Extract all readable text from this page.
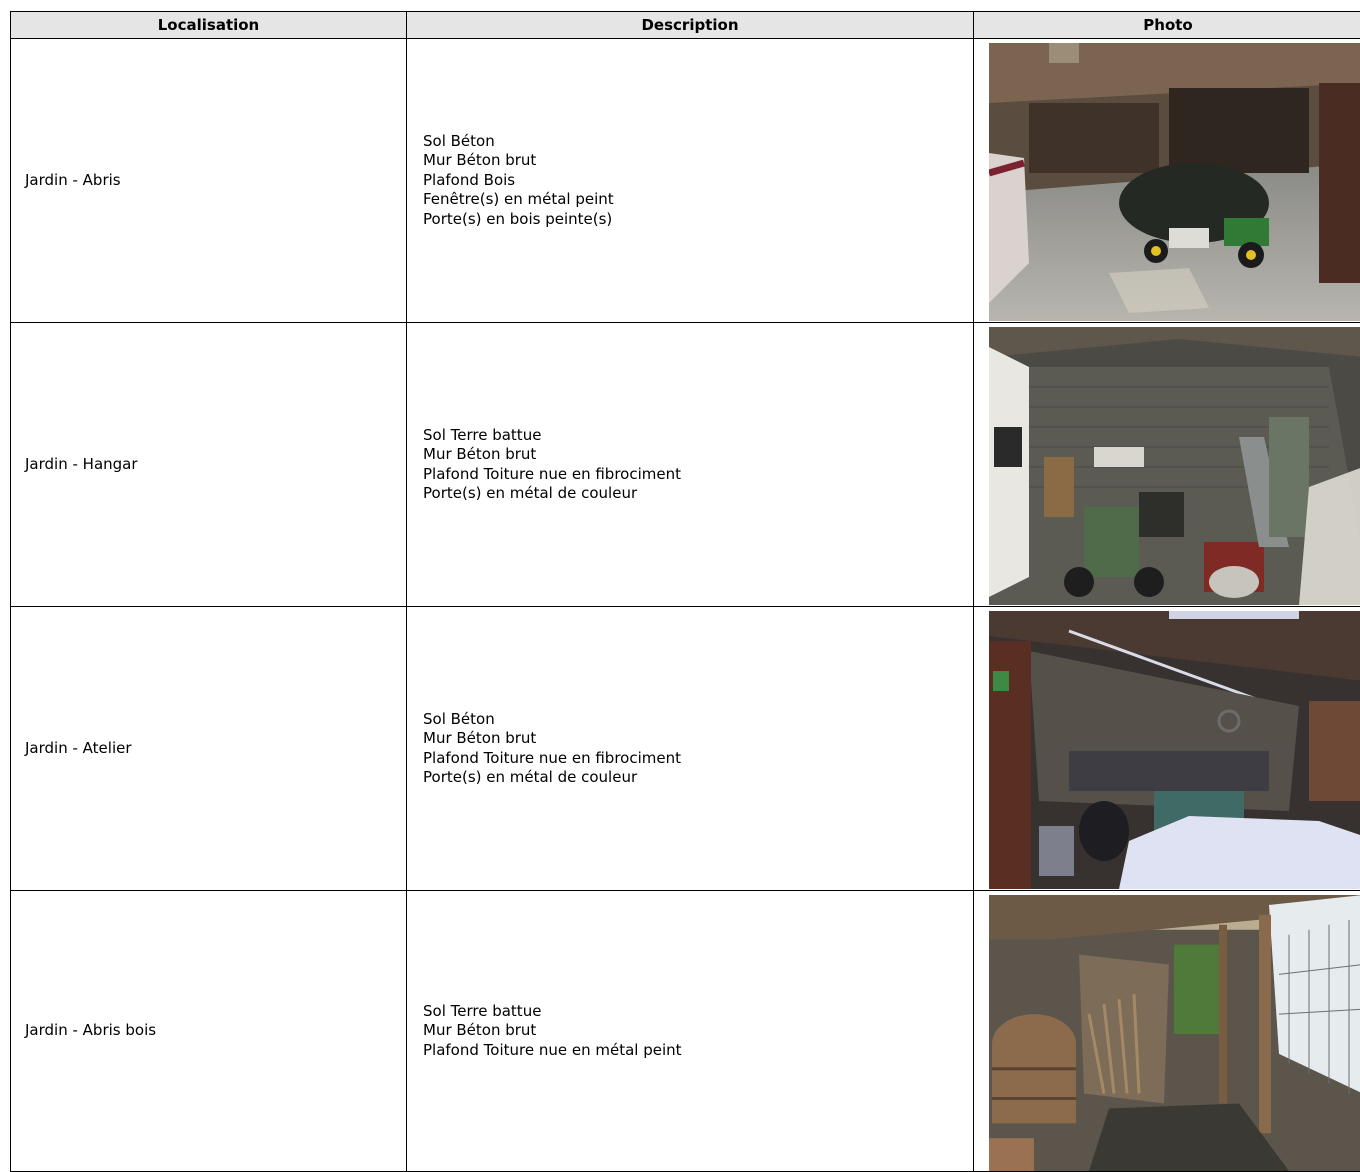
Localisation	Description	Photo
Jardin - Abris	Sol Béton
Mur Béton brut
Plafond Bois
Fenêtre(s) en métal peint
Porte(s) en bois peinte(s)

Jardin - Hangar	Sol Terre battue
Mur Béton brut
Plafond Toiture nue en fibrociment
Porte(s) en métal de couleur

Jardin - Atelier	Sol Béton
Mur Béton brut
Plafond Toiture nue en fibrociment
Porte(s) en métal de couleur

Jardin - Abris bois	Sol Terre battue
Mur Béton brut
Plafond Toiture nue en métal peint
